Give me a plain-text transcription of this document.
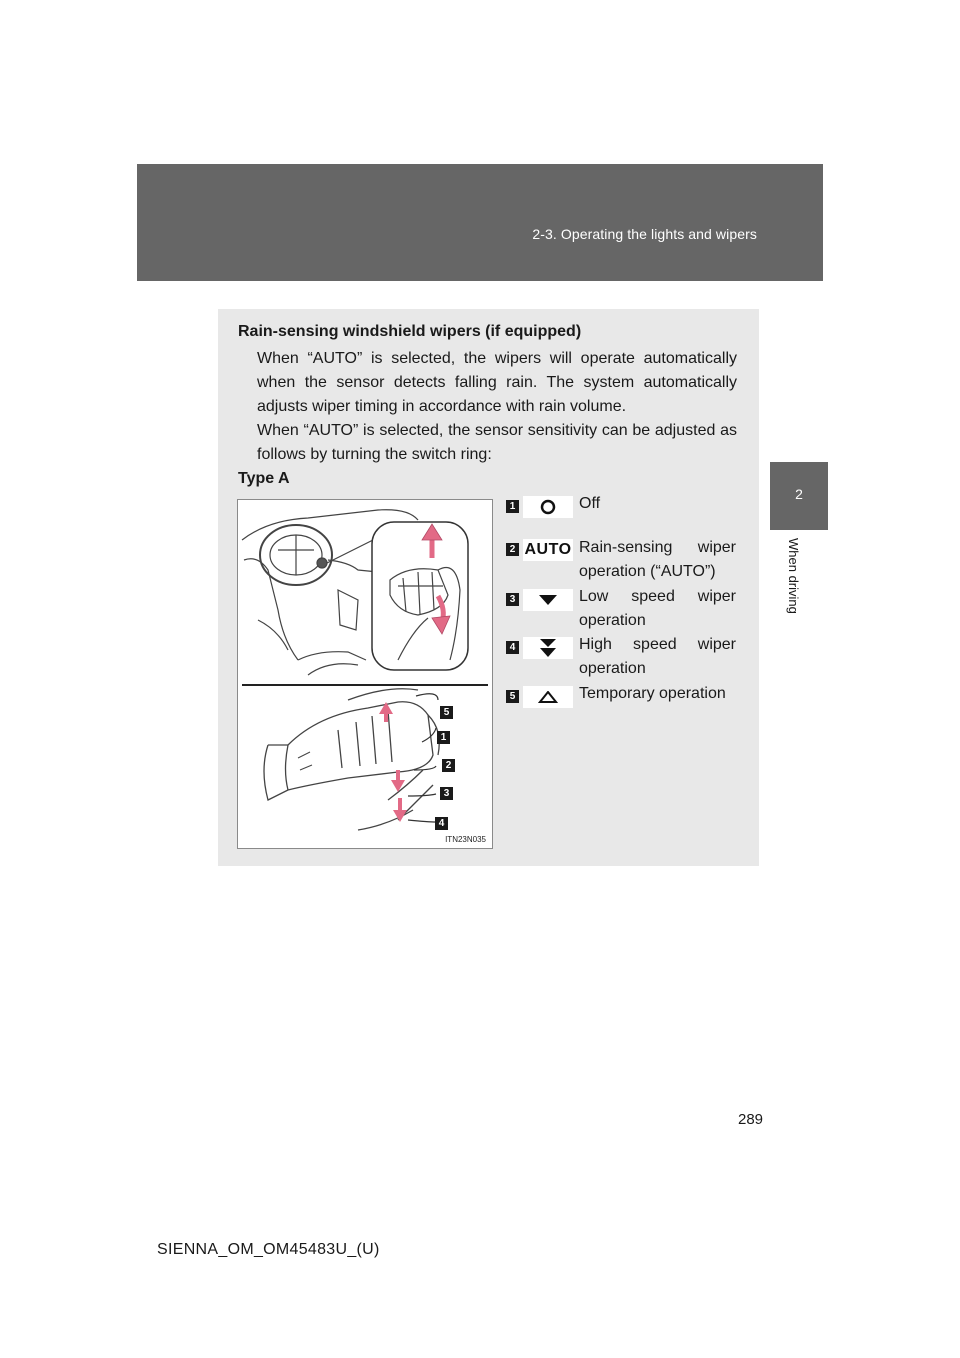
2-3. Operating the lights and wipers
2
When driving
Rain-sensing windshield wipers (if equipped)
When “AUTO” is selected, the wipers will operate automatically when the sensor detects falling rain. The system automatically adjusts wiper timing in accordance with rain volume.
When “AUTO” is selected, the sensor sensitivity can be adjusted as follows by turning the switch ring:
Type A
5
1
2
3
4
ITN23N035
1	Off
2 AUTO Rain-sensing wiper operation (“AUTO”)
3	Low speed wiper operation
4	High speed wiper operation
5	Temporary operation
289
SIENNA_OM_OM45483U_(U)
